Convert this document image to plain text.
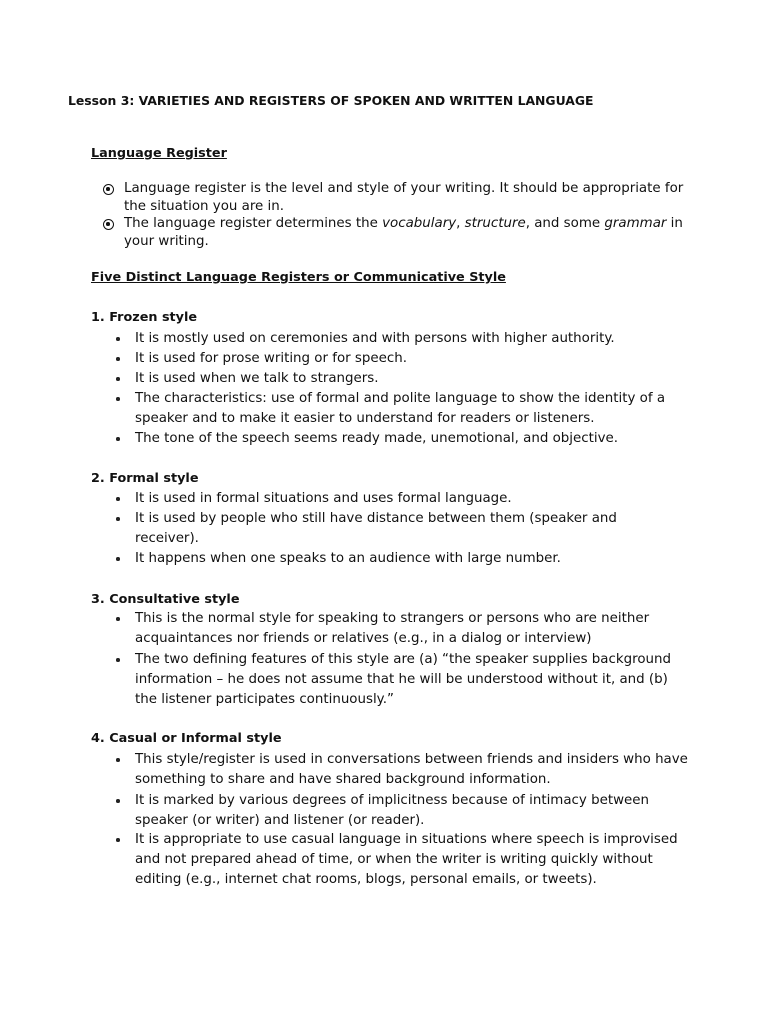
Lesson 3: VARIETIES AND REGISTERS OF SPOKEN AND WRITTEN LANGUAGE
Language Register
Language register is the level and style of your writing. It should be appropriate for
the situation you are in.
The language register determines the vocabulary, structure, and some grammar in
your writing.
Five Distinct Language Registers or Communicative Style
1. Frozen style
It is mostly used on ceremonies and with persons with higher authority.
It is used for prose writing or for speech.
It is used when we talk to strangers.
The characteristics: use of formal and polite language to show the identity of a
speaker and to make it easier to understand for readers or listeners.
The tone of the speech seems ready made, unemotional, and objective.
2. Formal style
It is used in formal situations and uses formal language.
It is used by people who still have distance between them (speaker and
receiver).
It happens when one speaks to an audience with large number.
3. Consultative style
This is the normal style for speaking to strangers or persons who are neither
acquaintances nor friends or relatives (e.g., in a dialog or interview)
The two defining features of this style are (a) “the speaker supplies background
information – he does not assume that he will be understood without it, and (b)
the listener participates continuously.”
4. Casual or Informal style
This style/register is used in conversations between friends and insiders who have
something to share and have shared background information.
It is marked by various degrees of implicitness because of intimacy between
speaker (or writer) and listener (or reader).
It is appropriate to use casual language in situations where speech is improvised
and not prepared ahead of time, or when the writer is writing quickly without
editing (e.g., internet chat rooms, blogs, personal emails, or tweets).
